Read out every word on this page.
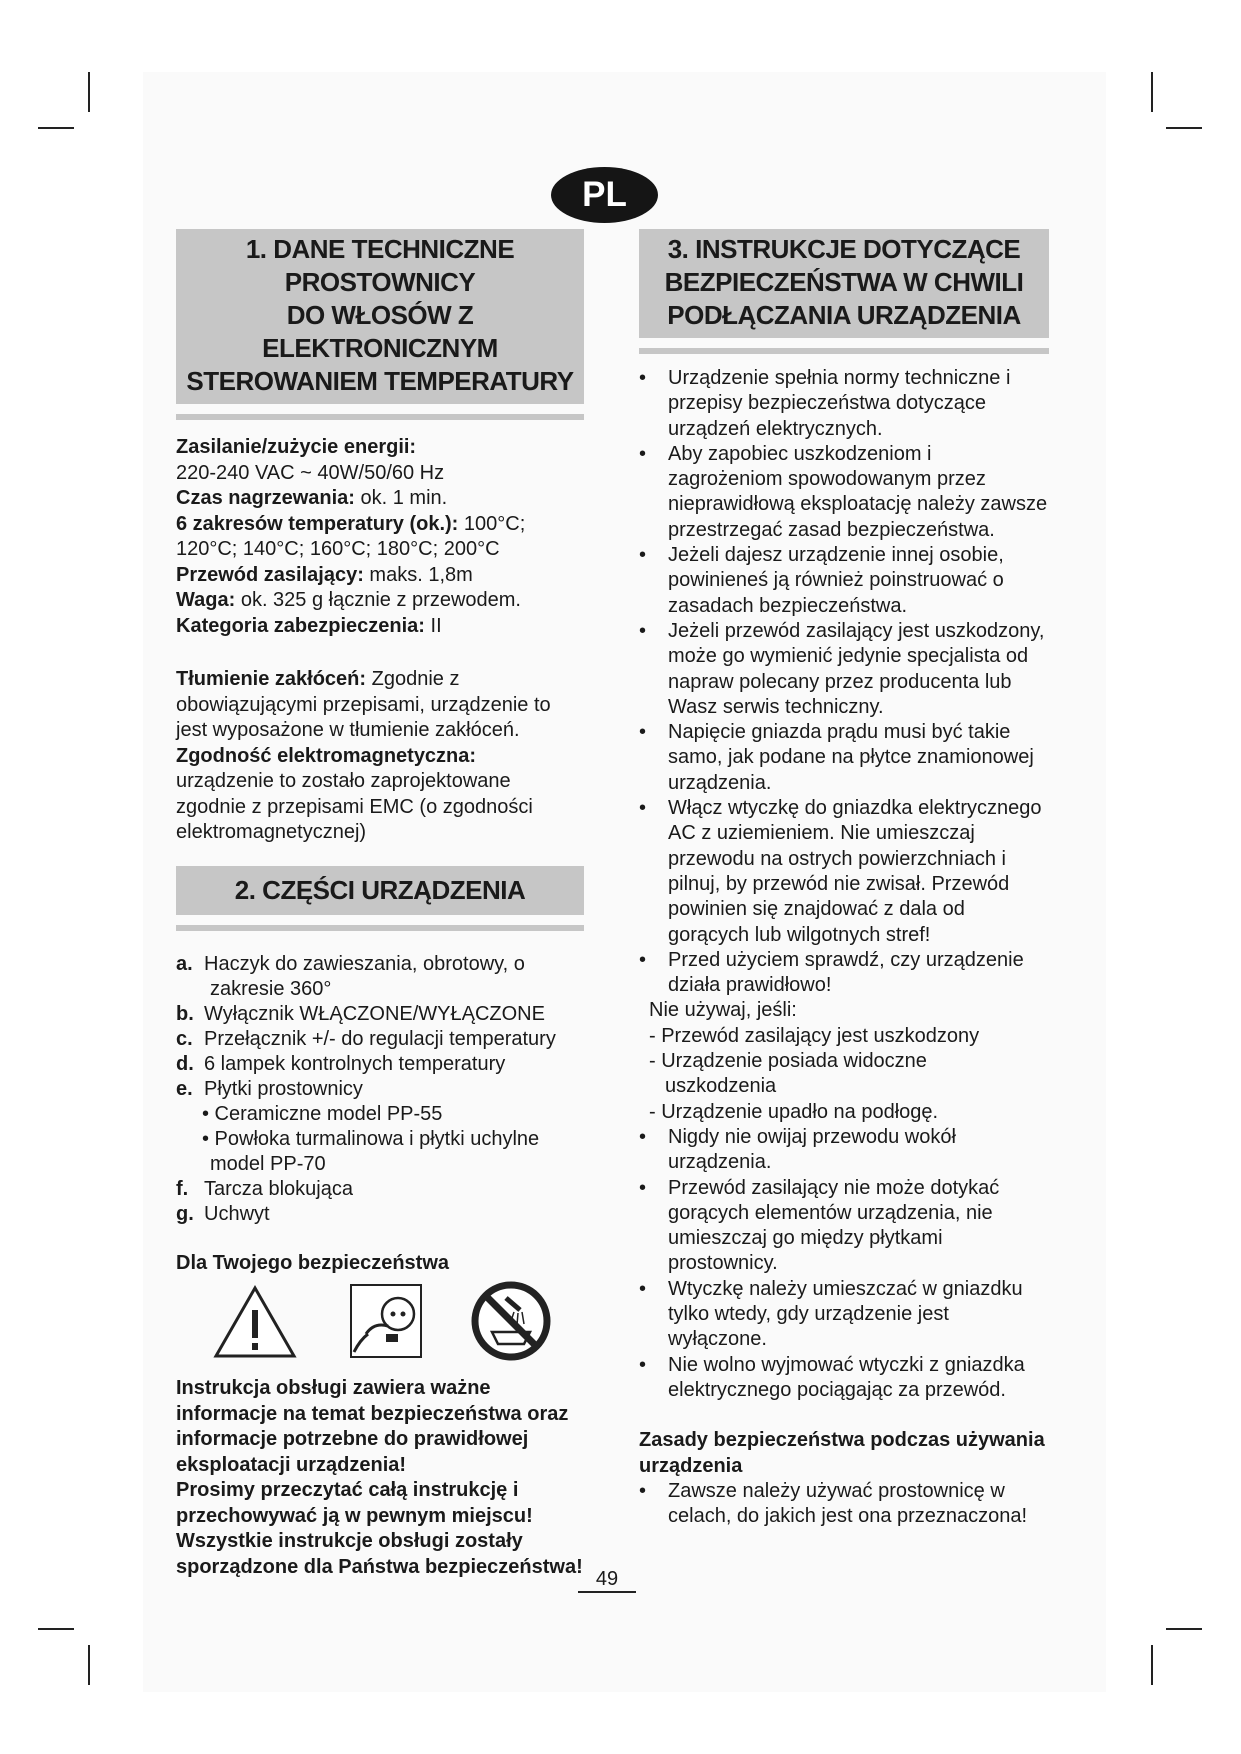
PL
1. DANE TECHNICZNE PROSTOWNICY
DO WŁOSÓW Z ELEKTRONICZNYM
STEROWANIEM TEMPERATURY

Zasilanie/zużycie energii:

220-240 VAC ~ 40W/50/60 Hz

Czas nagrzewania: ok. 1 min.

6 zakresów temperatury (ok.): 100°C; 120°C; 140°C; 160°C; 180°C; 200°C

Przewód zasilający: maks. 1,8m

Waga: ok. 325 g łącznie z przewodem.

Kategoria zabezpieczenia: II

Tłumienie zakłóceń: Zgodnie z obowiązującymi przepisami, urządzenie to jest wyposażone w tłumienie zakłóceń.

Zgodność elektromagnetyczna:

urządzenie to zostało zaprojektowane zgodnie z przepisami EMC (o zgodności elektromagnetycznej)

2. CZĘŚCI URZĄDZENIA
a. Haczyk do zawieszania, obrotowy, o
zakresie 360°
b. Wyłącznik WŁĄCZONE/WYŁĄCZONE
c. Przełącznik +/- do regulacji temperatury
d. 6 lampek kontrolnych temperatury
e. Płytki prostownicy
• Ceramiczne model PP-55
• Powłoka turmalinowa i płytki uchylne
model PP-70
f. Tarcza blokująca
g. Uchwyt
Dla Twojego bezpieczeństwa

Instrukcja obsługi zawiera ważne informacje na temat bezpieczeństwa oraz informacje potrzebne do prawidłowej eksploatacji urządzenia!

Prosimy przeczytać całą instrukcję i przechowywać ją w pewnym miejscu!

Wszystkie instrukcje obsługi zostały sporządzone dla Państwa bezpieczeństwa!

3. INSTRUKCJE DOTYCZĄCE
BEZPIECZEŃSTWA W CHWILI
PODŁĄCZANIA URZĄDZENIA
• Urządzenie spełnia normy techniczne i przepisy bezpieczeństwa dotyczące urządzeń elektrycznych.
• Aby zapobiec uszkodzeniom i zagrożeniom spowodowanym przez nieprawidłową eksploatację należy zawsze przestrzegać zasad bezpieczeństwa.
• Jeżeli dajesz urządzenie innej osobie, powinieneś ją również poinstruować o zasadach bezpieczeństwa.
• Jeżeli przewód zasilający jest uszkodzony, może go wymienić jedynie specjalista od napraw polecany przez producenta lub Wasz serwis techniczny.
• Napięcie gniazda prądu musi być takie samo, jak podane na płytce znamionowej urządzenia.
• Włącz wtyczkę do gniazdka elektrycznego AC z uziemieniem. Nie umieszczaj przewodu na ostrych powierzchniach i pilnuj, by przewód nie zwisał. Przewód powinien się znajdować z dala od gorących lub wilgotnych stref!
• Przed użyciem sprawdź, czy urządzenie działa prawidłowo!
Nie używaj, jeśli:
- Przewód zasilający jest uszkodzony
- Urządzenie posiada widoczne
uszkodzenia
- Urządzenie upadło na podłogę.
• Nigdy nie owijaj przewodu wokół urządzenia.
• Przewód zasilający nie może dotykać gorących elementów urządzenia, nie umieszczaj go między płytkami prostownicy.
• Wtyczkę należy umieszczać w gniazdku tylko wtedy, gdy urządzenie jest wyłączone.
• Nie wolno wyjmować wtyczki z gniazdka elektrycznego pociągając za przewód.
Zasady bezpieczeństwa podczas używania urządzenia
• Zawsze należy używać prostownicę w celach, do jakich jest ona przeznaczona!
49
